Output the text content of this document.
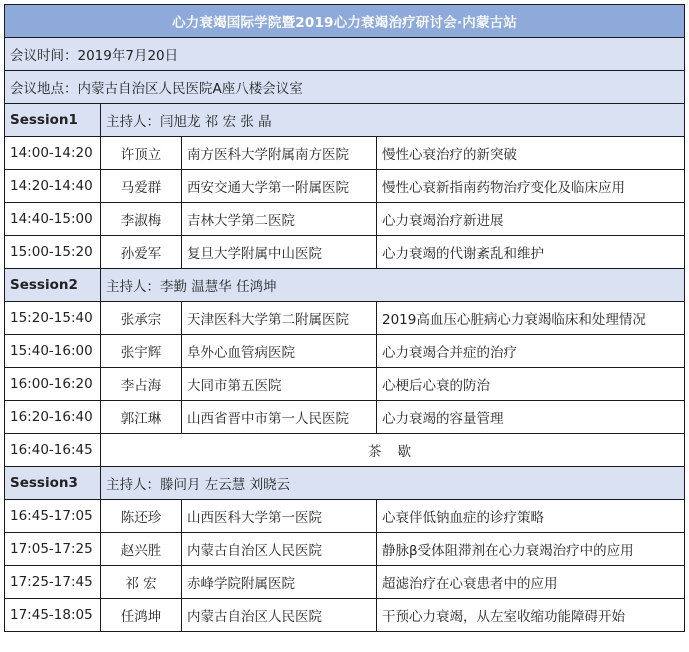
心力衰竭国际学院暨2019心力衰竭治疗研讨会·内蒙古站			
会议时间：2019年7月20日			
会议地点：内蒙古自治区人民医院A座八楼会议室			
Session1	主持人：闫旭龙 祁 宏 张 晶		
14:00-14:20	许顶立	南方医科大学附属南方医院	慢性心衰治疗的新突破
14:20-14:40	马爱群	西安交通大学第一附属医院	慢性心衰新指南药物治疗变化及临床应用
14:40-15:00	李淑梅	吉林大学第二医院	心力衰竭治疗新进展
15:00-15:20	孙爱军	复旦大学附属中山医院	心力衰竭的代谢紊乱和维护
Session2	主持人：李勤 温慧华 任鸿坤		
15:20-15:40	张承宗	天津医科大学第二附属医院	2019高血压心脏病心力衰竭临床和处理情况
15:40-16:00	张宇辉	阜外心血管病医院	心力衰竭合并症的治疗
16:00-16:20	李占海	大同市第五医院	心梗后心衰的防治
16:20-16:40	郭江琳	山西省晋中市第一人民医院	心力衰竭的容量管理
16:40-16:45	茶 歇		
Session3	主持人：滕问月 左云慧 刘晓云		
16:45-17:05	陈还珍	山西医科大学第一医院	心衰伴低钠血症的诊疗策略
17:05-17:25	赵兴胜	内蒙古自治区人民医院	静脉β受体阻滞剂在心力衰竭治疗中的应用
17:25-17:45	祁 宏	赤峰学院附属医院	超滤治疗在心衰患者中的应用
17:45-18:05	任鸿坤	内蒙古自治区人民医院	干预心力衰竭，从左室收缩功能障碍开始
